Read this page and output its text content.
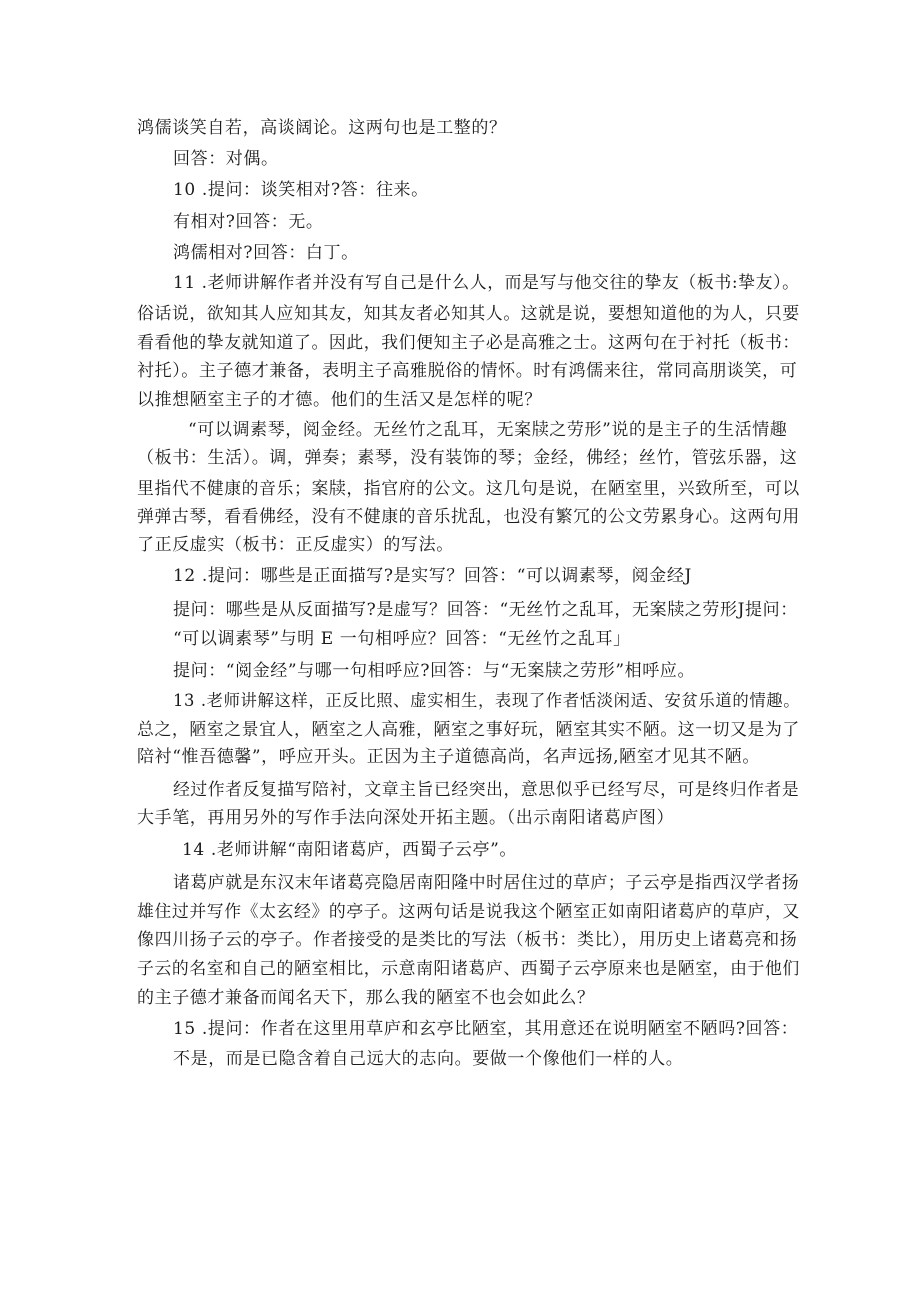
鸿儒谈笑自若，高谈阔论。这两句也是工整的？
回答：对偶。
10 .提问：谈笑相对?答：往来。
有相对?回答：无。
鸿儒相对?回答：白丁。
11 .老师讲解作者并没有写自己是什么人，而是写与他交往的挚友（板书:挚友）。
俗话说，欲知其人应知其友，知其友者必知其人。这就是说，要想知道他的为人，只要
看看他的挚友就知道了。因此，我们便知主子必是高雅之士。这两句在于衬托（板书：
衬托）。主子德才兼备，表明主子高雅脱俗的情怀。时有鸿儒来往，常同高朋谈笑，可
以推想陋室主子的才德。他们的生活又是怎样的呢？
“可以调素琴，阅金经。无丝竹之乱耳，无案牍之劳形”说的是主子的生活情趣
（板书：生活）。调，弹奏；素琴，没有装饰的琴；金经，佛经；丝竹，管弦乐器，这
里指代不健康的音乐；案牍，指官府的公文。这几句是说，在陋室里，兴致所至，可以
弹弹古琴，看看佛经，没有不健康的音乐扰乱，也没有繁冗的公文劳累身心。这两句用
了正反虚实（板书：正反虚实）的写法。
12 .提问：哪些是正面描写?是实写？回答：“可以调素琴，阅金经J
提问：哪些是从反面描写?是虚写？回答：“无丝竹之乱耳，无案牍之劳形J提问：
“可以调素琴”与明 E 一句相呼应？回答：“无丝竹之乱耳」
提问：“阅金经”与哪一句相呼应?回答：与“无案牍之劳形”相呼应。
13 .老师讲解这样，正反比照、虚实相生，表现了作者恬淡闲适、安贫乐道的情趣。
总之，陋室之景宜人，陋室之人高雅，陋室之事好玩，陋室其实不陋。这一切又是为了
陪衬“惟吾德馨”，呼应开头。正因为主子道德高尚，名声远扬,陋室才见其不陋。
经过作者反复描写陪衬，文章主旨已经突出，意思似乎已经写尽，可是终归作者是
大手笔，再用另外的写作手法向深处开拓主题。（出示南阳诸葛庐图）
14 .老师讲解“南阳诸葛庐，西蜀子云亭”。
诸葛庐就是东汉末年诸葛亮隐居南阳隆中时居住过的草庐；子云亭是指西汉学者扬
雄住过并写作《太玄经》的亭子。这两句话是说我这个陋室正如南阳诸葛庐的草庐，又
像四川扬子云的亭子。作者接受的是类比的写法（板书：类比），用历史上诸葛亮和扬
子云的名室和自己的陋室相比，示意南阳诸葛庐、西蜀子云亭原来也是陋室，由于他们
的主子德才兼备而闻名天下，那么我的陋室不也会如此么？
15 .提问：作者在这里用草庐和玄亭比陋室，其用意还在说明陋室不陋吗?回答：
不是，而是已隐含着自己远大的志向。要做一个像他们一样的人。
